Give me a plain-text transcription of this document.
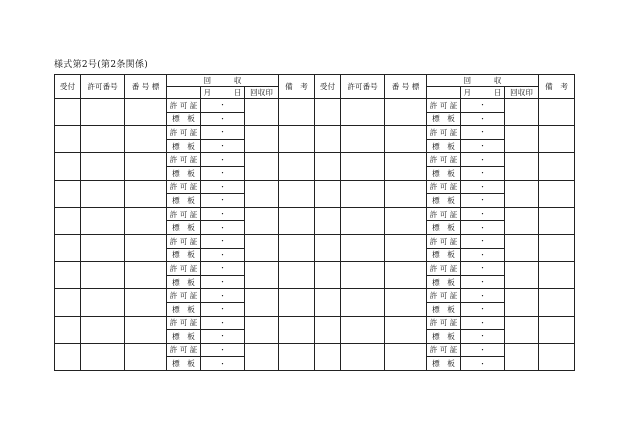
様式第2号(第2条関係)
受付	許可番号	番 号 標	回　　　収			備　考	受付	許可番号	番 号 標	回　　　収			備　考
				月　　　 日	回収印						月　　　 日	回収印	
			許 可 証	・						許 可 証	・		
			標　板	・						標　板	・		
			許 可 証	・						許 可 証	・		
			標　板	・						標　板	・		
			許 可 証	・						許 可 証	・		
			標　板	・						標　板	・		
			許 可 証	・						許 可 証	・		
			標　板	・						標　板	・		
			許 可 証	・						許 可 証	・		
			標　板	・						標　板	・		
			許 可 証	・						許 可 証	・		
			標　板	・						標　板	・		
			許 可 証	・						許 可 証	・		
			標　板	・						標　板	・		
			許 可 証	・						許 可 証	・		
			標　板	・						標　板	・		
			許 可 証	・						許 可 証	・		
			標　板	・						標　板	・		
			許 可 証	・						許 可 証	・		
			標　板	・						標　板	・		
